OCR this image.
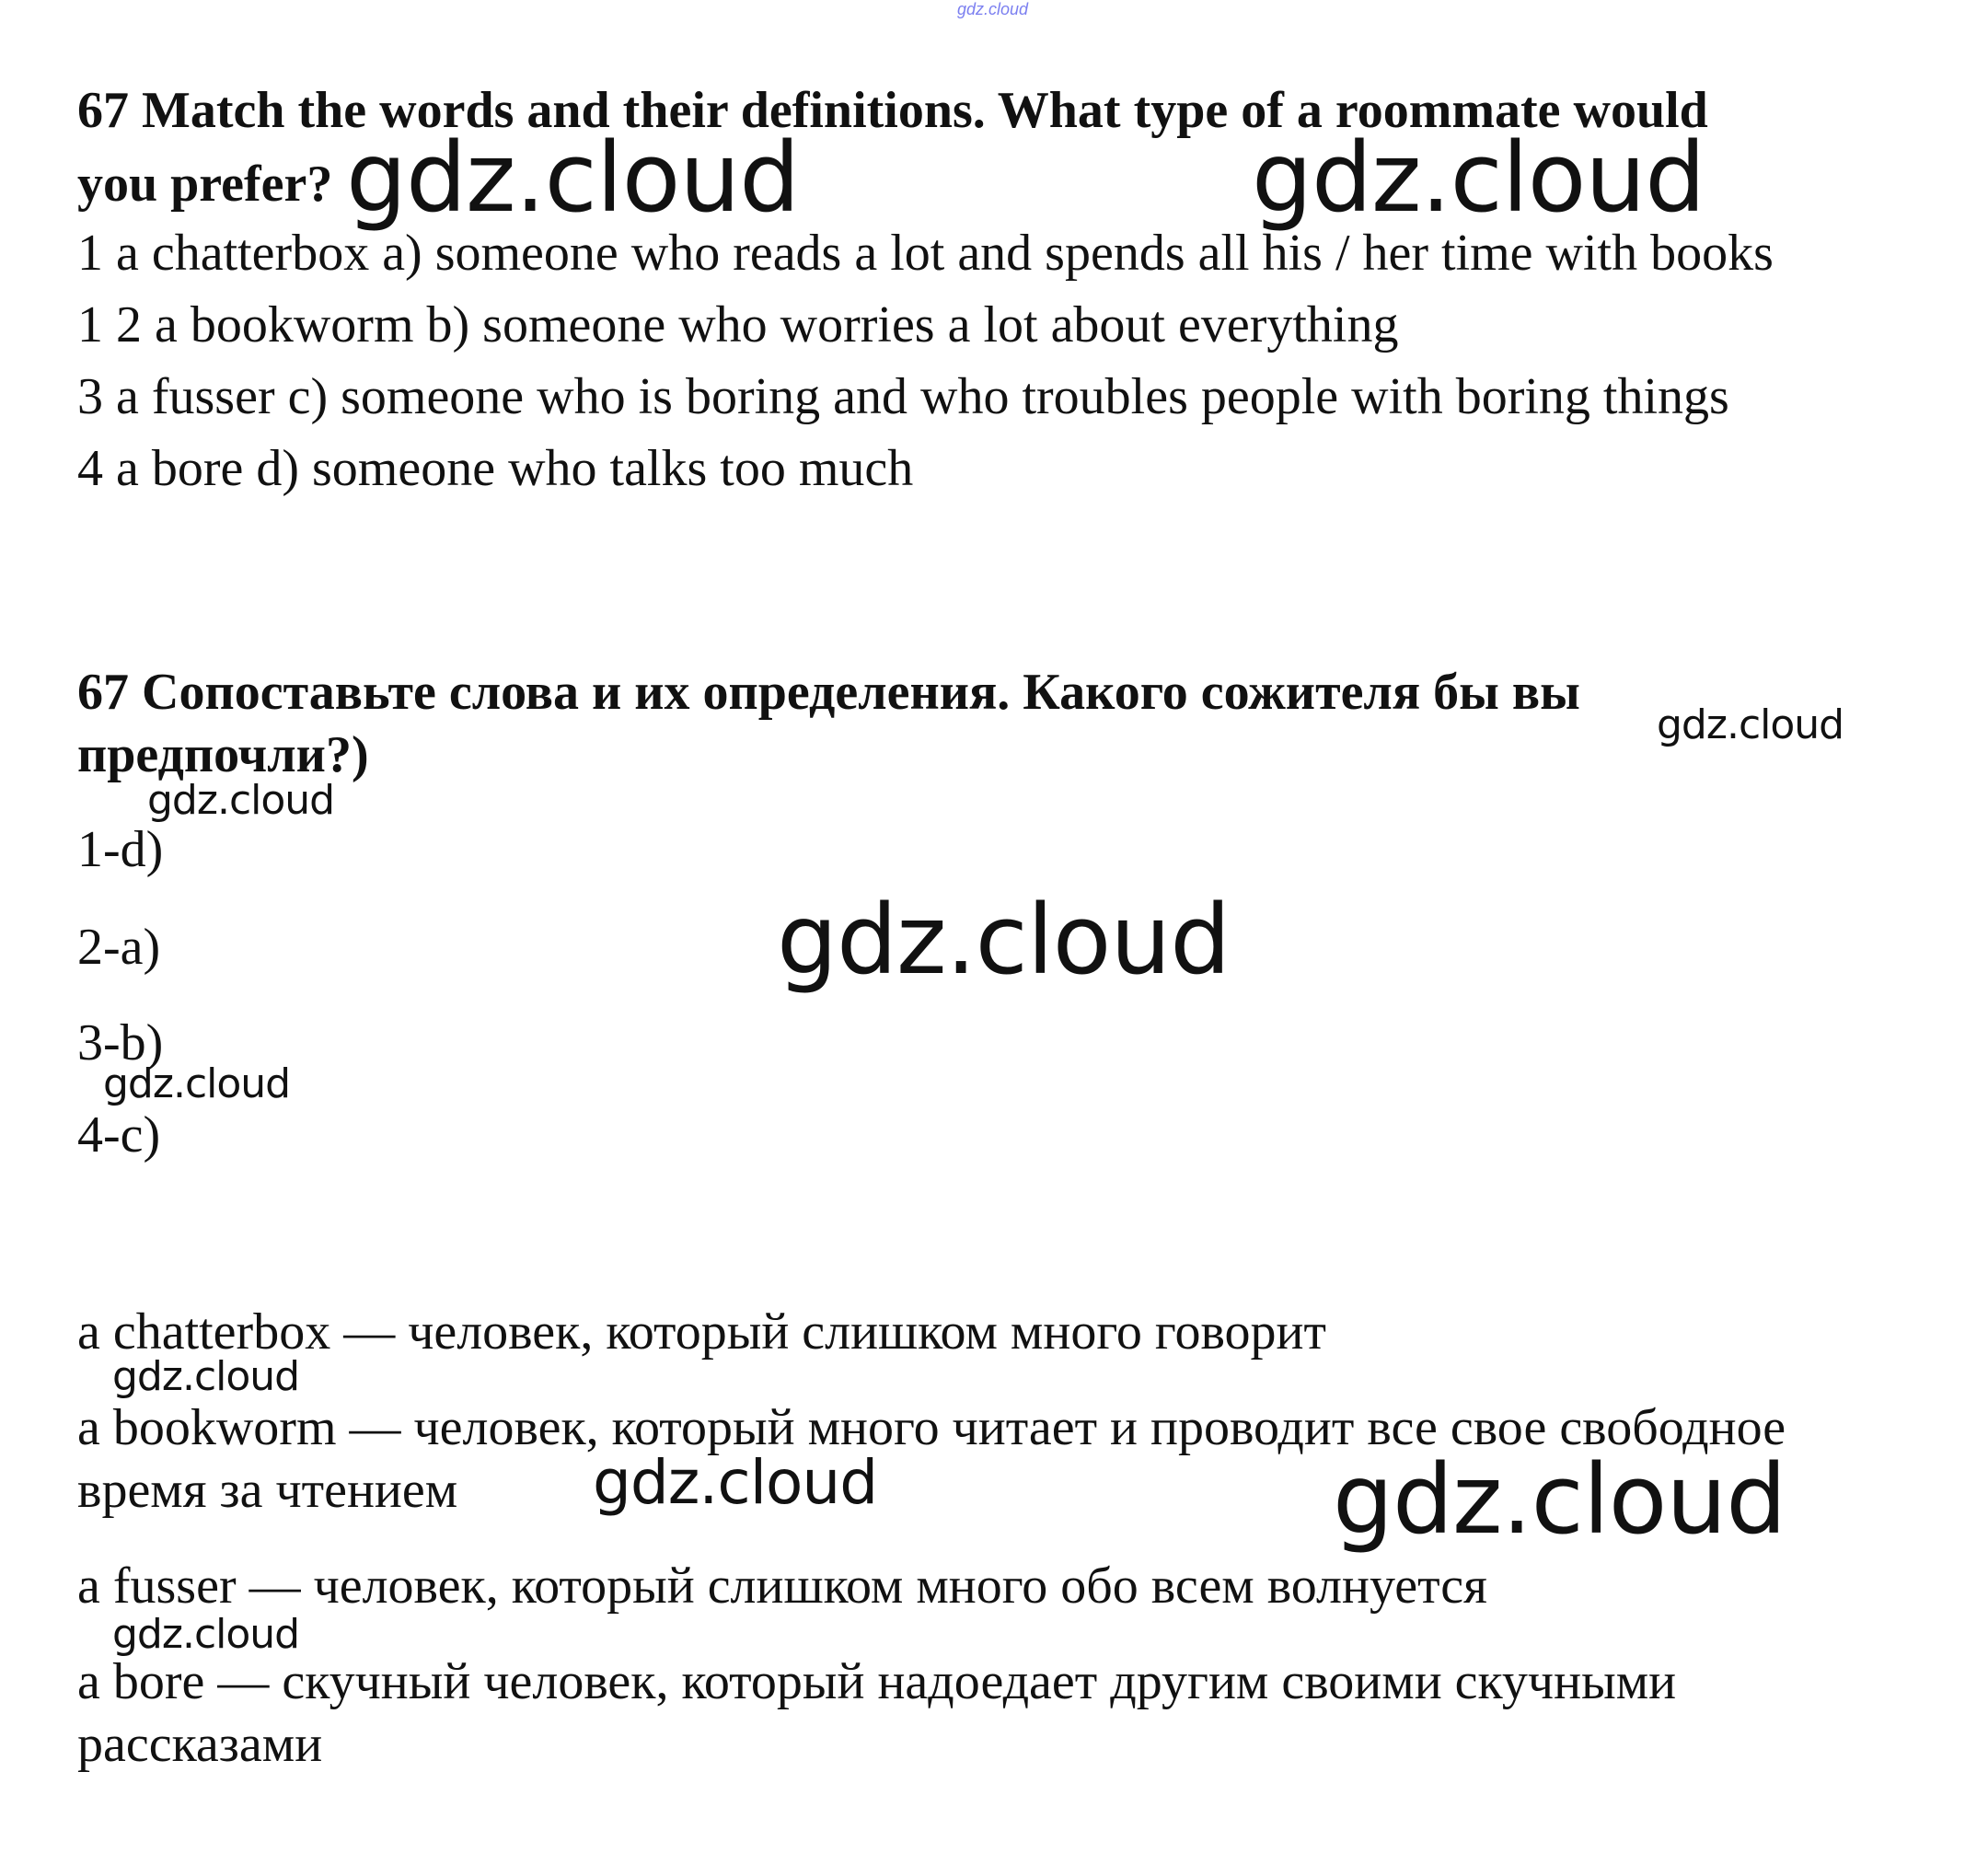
gdz.cloud
67 Match the words and their definitions. What type of a roommate would
you prefer?
1 a chatterbox a) someone who reads a lot and spends all his / her time with books
1 2 a bookworm b) someone who worries a lot about everything
3 a fusser c) someone who is boring and who troubles people with boring things
4 a bore d) someone who talks too much
67 Сопоставьте слова и их определения. Какого сожителя бы вы
предпочли?)
1-d)
2-a)
3-b)
4-c)
a chatterbox — человек, который слишком много говорит
a bookworm — человек, который много читает и проводит все свое свободное
время за чтением
a fusser — человек, который слишком много обо всем волнуется
a bore — скучный человек, который надоедает другим своими скучными
рассказами
gdz.cloud	gdz.cloud
gdz.cloud
gdz.cloud
gdz.cloud
gdz.cloud
gdz.cloud
gdz.cloud	gdz.cloud
gdz.cloud
